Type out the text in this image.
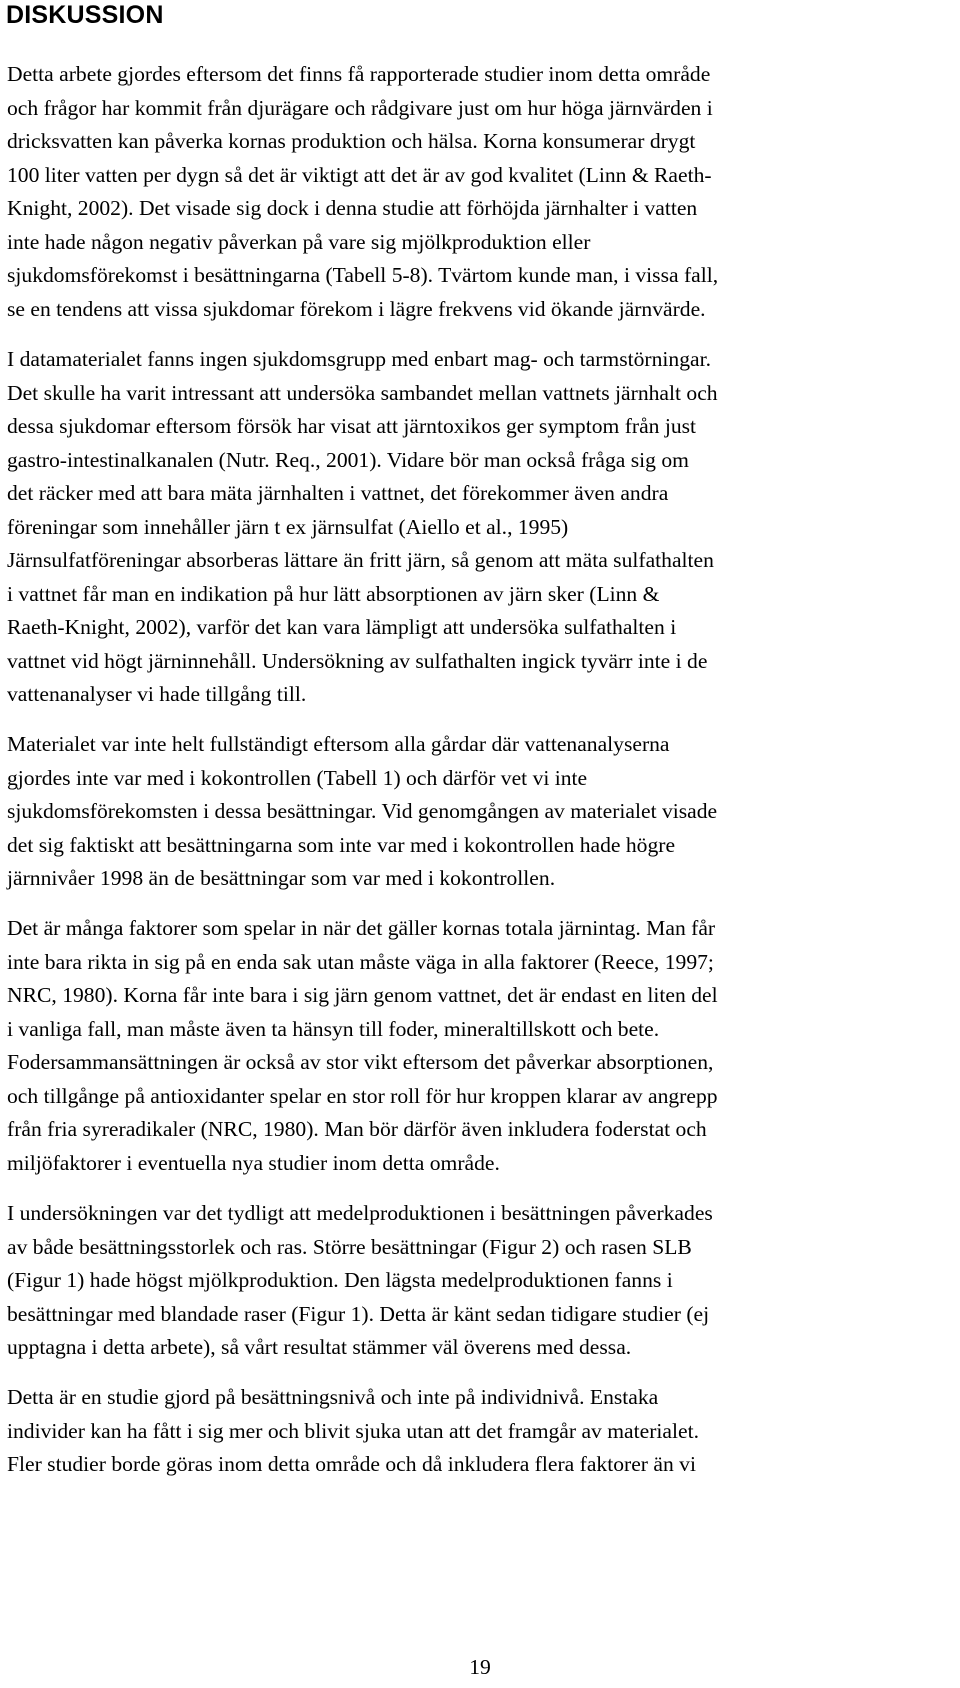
DISKUSSION

Detta arbete gjordes eftersom det finns få rapporterade studier inom detta område
och frågor har kommit från djurägare och rådgivare just om hur höga järnvärden i
dricksvatten kan påverka kornas produktion och hälsa. Korna konsumerar drygt
100 liter vatten per dygn så det är viktigt att det är av god kvalitet (Linn & Raeth-
Knight, 2002). Det visade sig dock i denna studie att förhöjda järnhalter i vatten
inte hade någon negativ påverkan på vare sig mjölkproduktion eller
sjukdomsförekomst i besättningarna (Tabell 5-8). Tvärtom kunde man, i vissa fall,
se en tendens att vissa sjukdomar förekom i lägre frekvens vid ökande järnvärde.

I datamaterialet fanns ingen sjukdomsgrupp med enbart mag- och tarmstörningar.
Det skulle ha varit intressant att undersöka sambandet mellan vattnets järnhalt och
dessa sjukdomar eftersom försök har visat att järntoxikos ger symptom från just
gastro-intestinalkanalen (Nutr. Req., 2001). Vidare bör man också fråga sig om
det räcker med att bara mäta järnhalten i vattnet, det förekommer även andra
föreningar som innehåller järn t ex järnsulfat (Aiello et al., 1995)
Järnsulfatföreningar absorberas lättare än fritt järn, så genom att mäta sulfathalten
i vattnet får man en indikation på hur lätt absorptionen av järn sker (Linn &
Raeth-Knight, 2002), varför det kan vara lämpligt att undersöka sulfathalten i
vattnet vid högt järninnehåll. Undersökning av sulfathalten ingick tyvärr inte i de
vattenanalyser vi hade tillgång till.

Materialet var inte helt fullständigt eftersom alla gårdar där vattenanalyserna
gjordes inte var med i kokontrollen (Tabell 1) och därför vet vi inte
sjukdomsförekomsten i dessa besättningar. Vid genomgången av materialet visade
det sig faktiskt att besättningarna som inte var med i kokontrollen hade högre
järnnivåer 1998 än de besättningar som var med i kokontrollen.

Det är många faktorer som spelar in när det gäller kornas totala järnintag. Man får
inte bara rikta in sig på en enda sak utan måste väga in alla faktorer (Reece, 1997;
NRC, 1980). Korna får inte bara i sig järn genom vattnet, det är endast en liten del
i vanliga fall, man måste även ta hänsyn till foder, mineraltillskott och bete.
Fodersammansättningen är också av stor vikt eftersom det påverkar absorptionen,
och tillgånge på antioxidanter spelar en stor roll för hur kroppen klarar av angrepp
från fria syreradikaler (NRC, 1980). Man bör därför även inkludera foderstat och
miljöfaktorer i eventuella nya studier inom detta område.

I undersökningen var det tydligt att medelproduktionen i besättningen påverkades
av både besättningsstorlek och ras. Större besättningar (Figur 2) och rasen SLB
(Figur 1) hade högst mjölkproduktion. Den lägsta medelproduktionen fanns i
besättningar med blandade raser (Figur 1). Detta är känt sedan tidigare studier (ej
upptagna i detta arbete), så vårt resultat stämmer väl överens med dessa.

Detta är en studie gjord på besättningsnivå och inte på individnivå. Enstaka
individer kan ha fått i sig mer och blivit sjuka utan att det framgår av materialet.
Fler studier borde göras inom detta område och då inkludera flera faktorer än vi

19
